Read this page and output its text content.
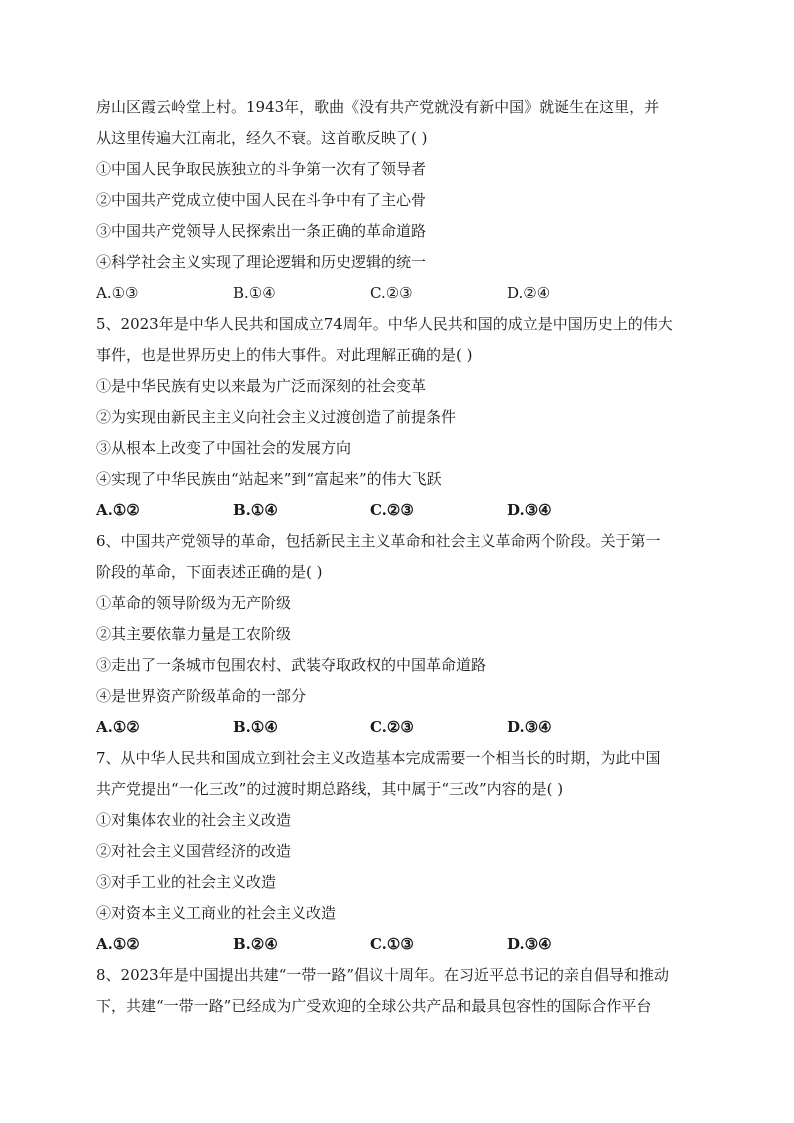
房山区霞云岭堂上村。1943年，歌曲《没有共产党就没有新中国》就诞生在这里，并
从这里传遍大江南北，经久不衰。这首歌反映了( )
①中国人民争取民族独立的斗争第一次有了领导者
②中国共产党成立使中国人民在斗争中有了主心骨
③中国共产党领导人民探索出一条正确的革命道路
④科学社会主义实现了理论逻辑和历史逻辑的统一
A.①③	B.①④	C.②③	D.②④
5、2023年是中华人民共和国成立74周年。中华人民共和国的成立是中国历史上的伟大
事件，也是世界历史上的伟大事件。对此理解正确的是( )
①是中华民族有史以来最为广泛而深刻的社会变革
②为实现由新民主主义向社会主义过渡创造了前提条件
③从根本上改变了中国社会的发展方向
④实现了中华民族由“站起来”到“富起来”的伟大飞跃
A.①②	B.①④	C.②③	D.③④
6、中国共产党领导的革命，包括新民主主义革命和社会主义革命两个阶段。关于第一
阶段的革命，下面表述正确的是( )
①革命的领导阶级为无产阶级
②其主要依靠力量是工农阶级
③走出了一条城市包围农村、武装夺取政权的中国革命道路
④是世界资产阶级革命的一部分
A.①②	B.①④	C.②③	D.③④
7、从中华人民共和国成立到社会主义改造基本完成需要一个相当长的时期，为此中国
共产党提出“一化三改”的过渡时期总路线，其中属于“三改”内容的是( )
①对集体农业的社会主义改造
②对社会主义国营经济的改造
③对手工业的社会主义改造
④对资本主义工商业的社会主义改造
A.①②	B.②④	C.①③	D.③④
8、2023年是中国提出共建“一带一路”倡议十周年。在习近平总书记的亲自倡导和推动
下，共建“一带一路”已经成为广受欢迎的全球公共产品和最具包容性的国际合作平台
